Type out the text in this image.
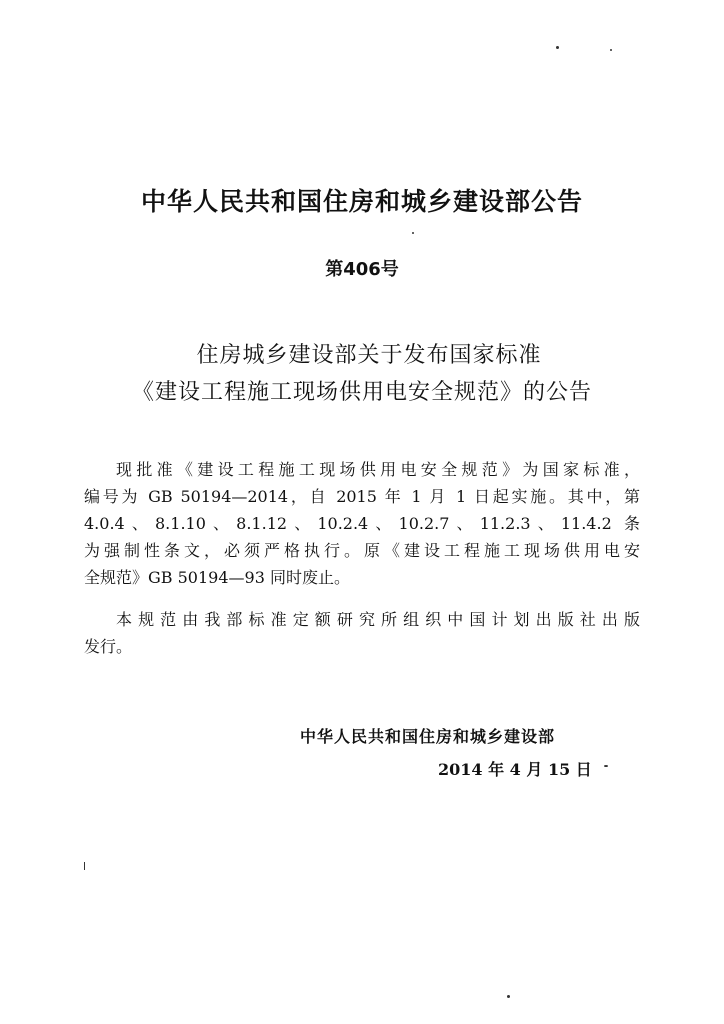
中华人民共和国住房和城乡建设部公告
第406号
住房城乡建设部关于发布国家标准
《建设工程施工现场供用电安全规范》的公告
现批准《建设工程施工现场供用电安全规范》为国家标准，
编号为 GB 50194—2014，自 2015 年 1 月 1 日起实施。其中，第
4.0.4、8.1.10、8.1.12、10.2.4、10.2.7、11.2.3、11.4.2 条
为强制性条文，必须严格执行。原《建设工程施工现场供用电安
全规范》GB 50194—93 同时废止。
本规范由我部标准定额研究所组织中国计划出版社出版
发行。
中华人民共和国住房和城乡建设部
2014 年 4 月 15 日
